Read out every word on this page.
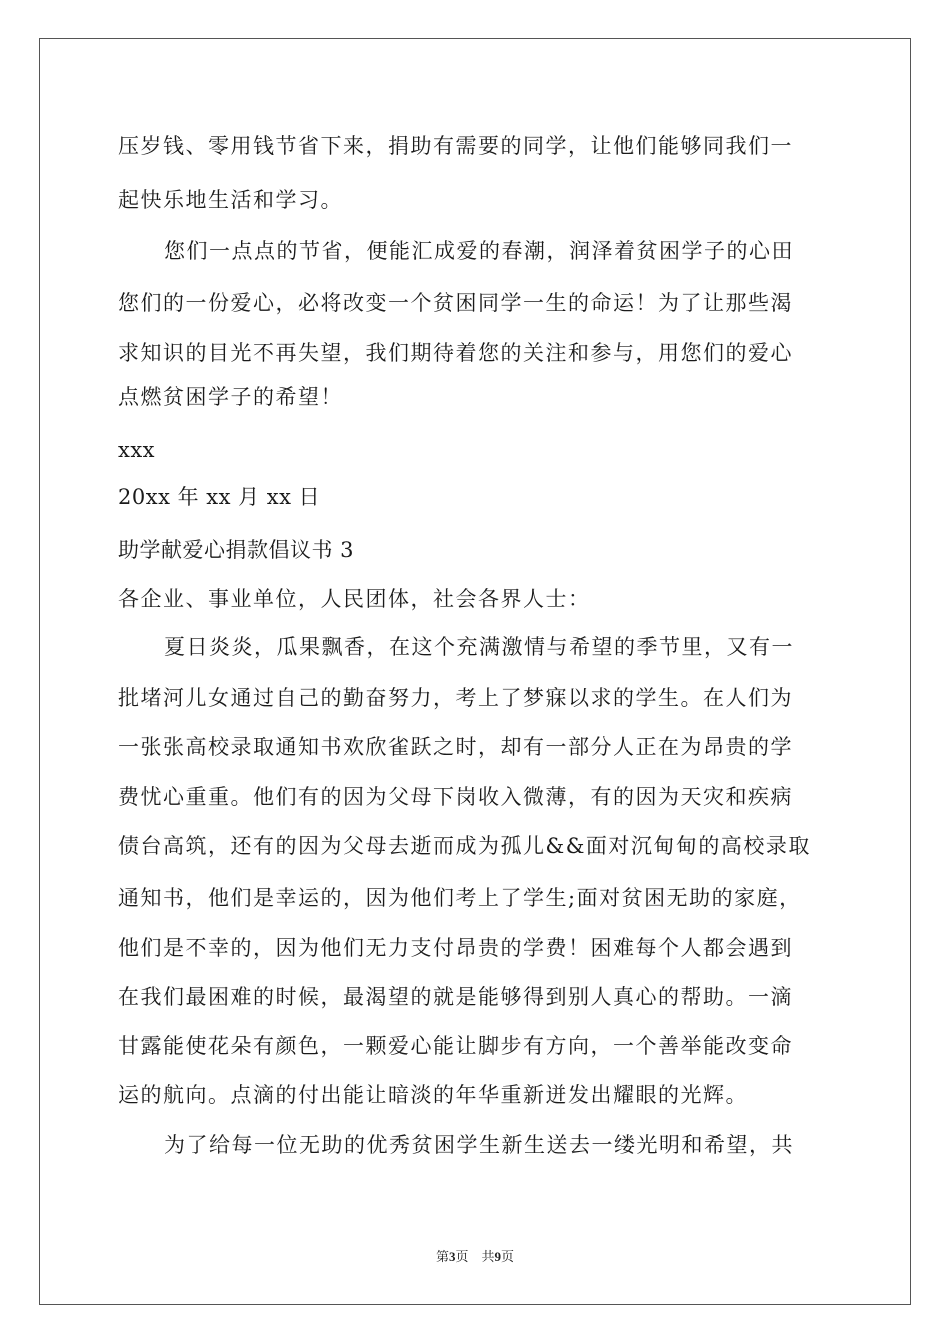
压岁钱、零用钱节省下来，捐助有需要的同学，让他们能够同我们一
起快乐地生活和学习。
您们一点点的节省，便能汇成爱的春潮，润泽着贫困学子的心田
您们的一份爱心，必将改变一个贫困同学一生的命运！为了让那些渴
求知识的目光不再失望，我们期待着您的关注和参与，用您们的爱心
点燃贫困学子的希望！
xxx
20xx 年 xx 月 xx 日
助学献爱心捐款倡议书 3
各企业、事业单位，人民团体，社会各界人士：
夏日炎炎，瓜果飘香，在这个充满激情与希望的季节里，又有一
批堵河儿女通过自己的勤奋努力，考上了梦寐以求的学生。在人们为
一张张高校录取通知书欢欣雀跃之时，却有一部分人正在为昂贵的学
费忧心重重。他们有的因为父母下岗收入微薄，有的因为天灾和疾病
债台高筑，还有的因为父母去逝而成为孤儿&&面对沉甸甸的高校录取
通知书，他们是幸运的，因为他们考上了学生;面对贫困无助的家庭，
他们是不幸的，因为他们无力支付昂贵的学费！困难每个人都会遇到
在我们最困难的时候，最渴望的就是能够得到别人真心的帮助。一滴
甘露能使花朵有颜色，一颗爱心能让脚步有方向，一个善举能改变命
运的航向。点滴的付出能让暗淡的年华重新迸发出耀眼的光辉。
为了给每一位无助的优秀贫困学生新生送去一缕光明和希望，共
第3页　共9页
